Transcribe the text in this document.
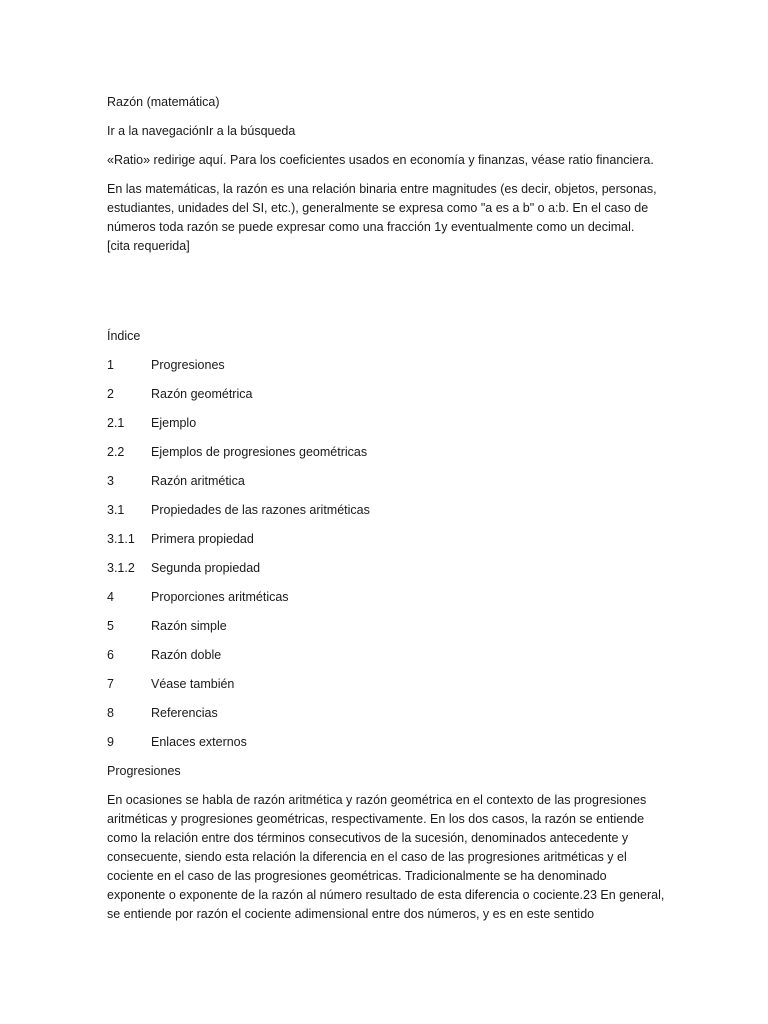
Razón (matemática)

Ir a la navegaciónIr a la búsqueda

«Ratio» redirige aquí. Para los coeficientes usados en economía y finanzas, véase ratio financiera.

En las matemáticas, la razón es una relación binaria entre magnitudes (es decir, objetos, personas, estudiantes, unidades del SI, etc.), generalmente se expresa como "a es a b" o a:b. En el caso de números toda razón se puede expresar como una fracción 1y eventualmente como un decimal.
[cita requerida]

Índice

1	Progresiones
2	Razón geométrica
2.1	Ejemplo
2.2	Ejemplos de progresiones geométricas
3	Razón aritmética
3.1	Propiedades de las razones aritméticas
3.1.1	Primera propiedad
3.1.2	Segunda propiedad
4	Proporciones aritméticas
5	Razón simple
6	Razón doble
7	Véase también
8	Referencias
9	Enlaces externos

Progresiones

En ocasiones se habla de razón aritmética y razón geométrica en el contexto de las progresiones aritméticas y progresiones geométricas, respectivamente. En los dos casos, la razón se entiende como la relación entre dos términos consecutivos de la sucesión, denominados antecedente y consecuente, siendo esta relación la diferencia en el caso de las progresiones aritméticas y el cociente en el caso de las progresiones geométricas. Tradicionalmente se ha denominado exponente o exponente de la razón al número resultado de esta diferencia o cociente.23 En general, se entiende por razón el cociente adimensional entre dos números, y es en este sentido
